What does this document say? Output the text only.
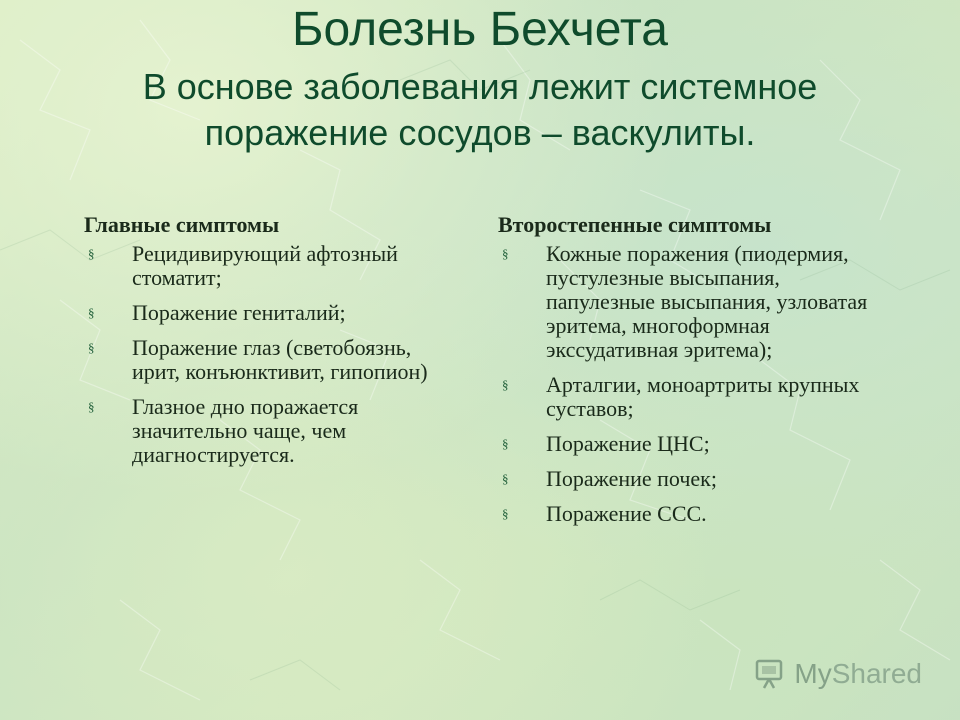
Болезнь Бехчета
В основе заболевания лежит системное поражение сосудов – васкулиты.
Главные симптомы
§ Рецидивирующий афтозный стоматит;
§ Поражение гениталий;
§ Поражение глаз (светобоязнь, ирит, конъюнктивит, гипопион)
§ Глазное дно поражается значительно чаще, чем диагностируется.
Второстепенные симптомы
§ Кожные поражения (пиодермия, пустулезные высыпания, папулезные высыпания, узловатая эритема, многоформная экссудативная эритема);
§ Арталгии, моноартриты крупных суставов;
§ Поражение ЦНС;
§ Поражение почек;
§ Поражение ССС.
MyShared
